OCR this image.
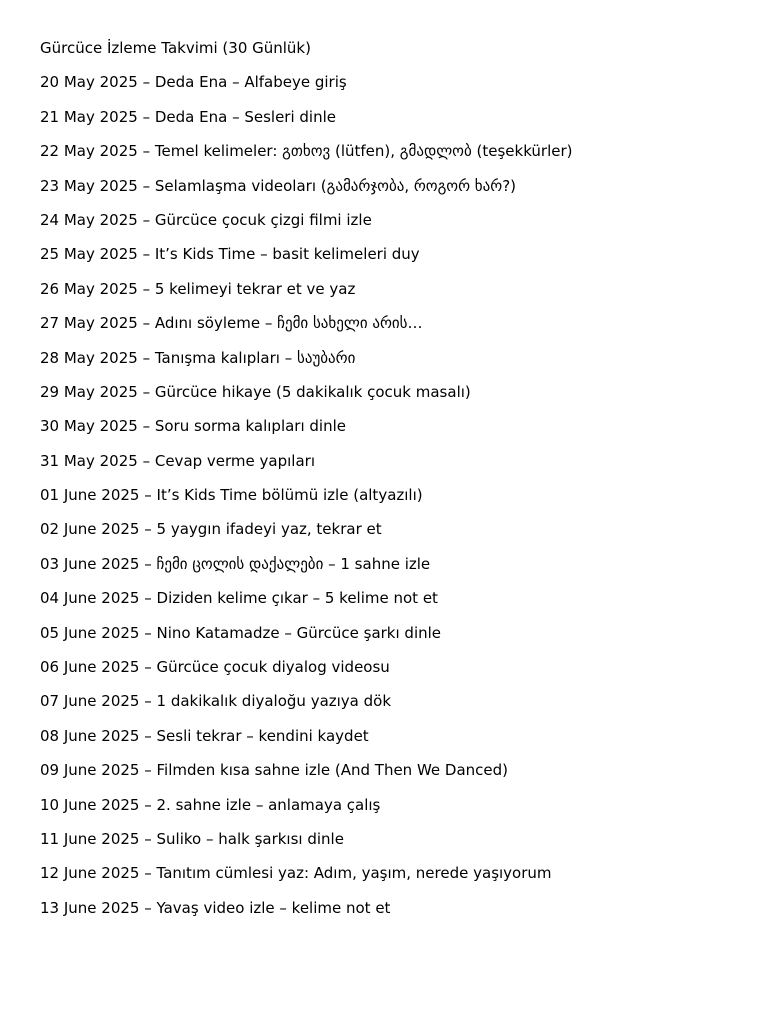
Gürcüce İzleme Takvimi (30 Günlük)
20 May 2025 – Deda Ena – Alfabeye giriş
21 May 2025 – Deda Ena – Sesleri dinle
22 May 2025 – Temel kelimeler: გთხოვ (lütfen), გმადლობ (teşekkürler)
23 May 2025 – Selamlaşma videoları (გამარჯობა, როგორ ხარ?)
24 May 2025 – Gürcüce çocuk çizgi filmi izle
25 May 2025 – It’s Kids Time – basit kelimeleri duy
26 May 2025 – 5 kelimeyi tekrar et ve yaz
27 May 2025 – Adını söyleme – ჩემი სახელი არის…
28 May 2025 – Tanışma kalıpları – საუბარი
29 May 2025 – Gürcüce hikaye (5 dakikalık çocuk masalı)
30 May 2025 – Soru sorma kalıpları dinle
31 May 2025 – Cevap verme yapıları
01 June 2025 – It’s Kids Time bölümü izle (altyazılı)
02 June 2025 – 5 yaygın ifadeyi yaz, tekrar et
03 June 2025 – ჩემი ცოლის დაქალები – 1 sahne izle
04 June 2025 – Diziden kelime çıkar – 5 kelime not et
05 June 2025 – Nino Katamadze – Gürcüce şarkı dinle
06 June 2025 – Gürcüce çocuk diyalog videosu
07 June 2025 – 1 dakikalık diyaloğu yazıya dök
08 June 2025 – Sesli tekrar – kendini kaydet
09 June 2025 – Filmden kısa sahne izle (And Then We Danced)
10 June 2025 – 2. sahne izle – anlamaya çalış
11 June 2025 – Suliko – halk şarkısı dinle
12 June 2025 – Tanıtım cümlesi yaz: Adım, yaşım, nerede yaşıyorum
13 June 2025 – Yavaş video izle – kelime not et
